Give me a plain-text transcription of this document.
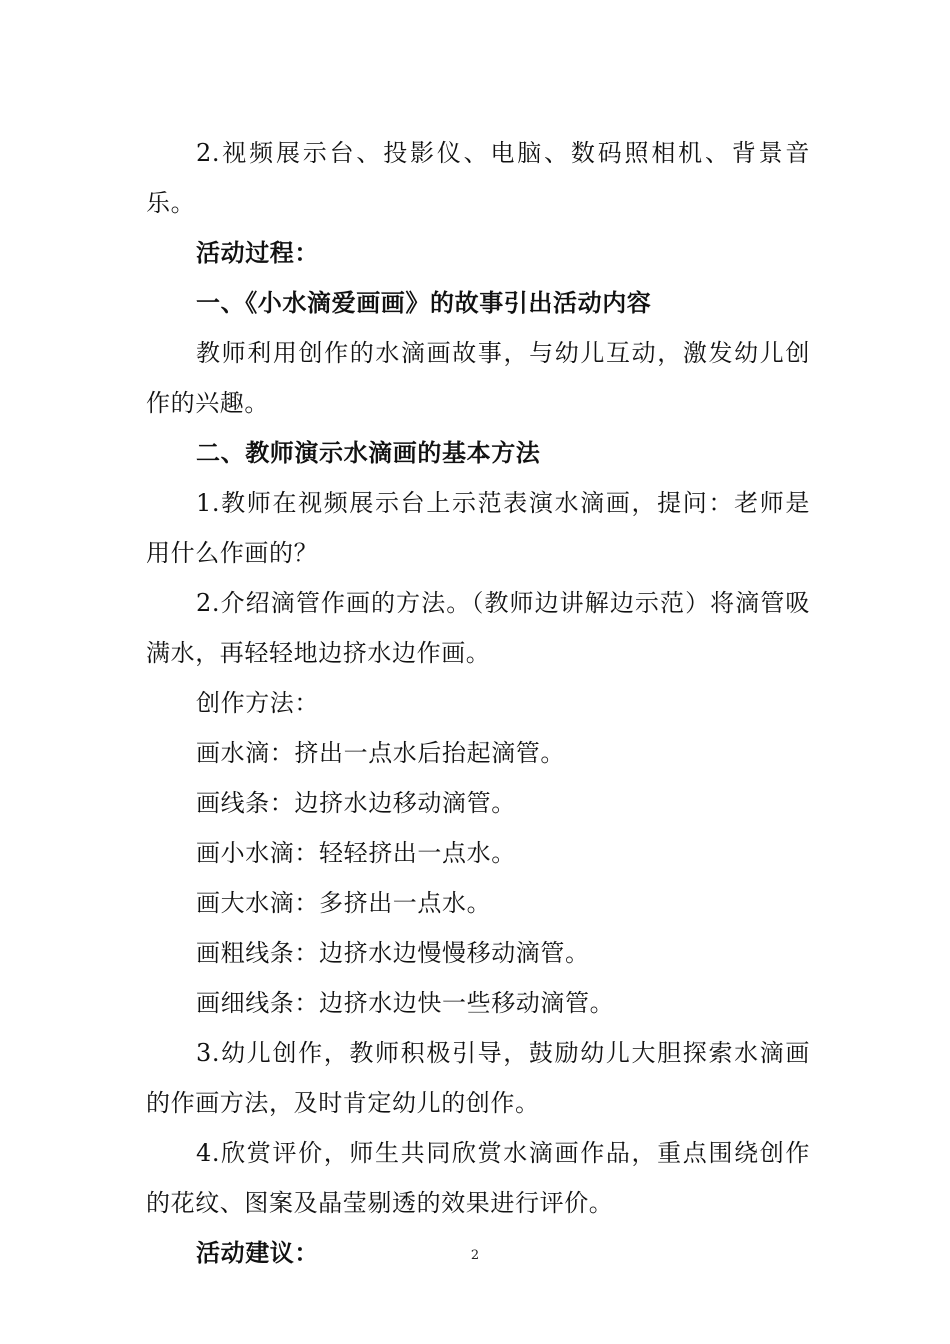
2.视频展示台、投影仪、电脑、数码照相机、背景音乐。

活动过程：

一、《小水滴爱画画》的故事引出活动内容

教师利用创作的水滴画故事，与幼儿互动，激发幼儿创作的兴趣。

二、教师演示水滴画的基本方法

1.教师在视频展示台上示范表演水滴画，提问：老师是用什么作画的？

2.介绍滴管作画的方法。（教师边讲解边示范）将滴管吸满水，再轻轻地边挤水边作画。

创作方法：

画水滴：挤出一点水后抬起滴管。

画线条：边挤水边移动滴管。

画小水滴：轻轻挤出一点水。

画大水滴：多挤出一点水。

画粗线条：边挤水边慢慢移动滴管。

画细线条：边挤水边快一些移动滴管。

3.幼儿创作，教师积极引导，鼓励幼儿大胆探索水滴画的作画方法，及时肯定幼儿的创作。

4.欣赏评价，师生共同欣赏水滴画作品，重点围绕创作的花纹、图案及晶莹剔透的效果进行评价。

活动建议：	2
